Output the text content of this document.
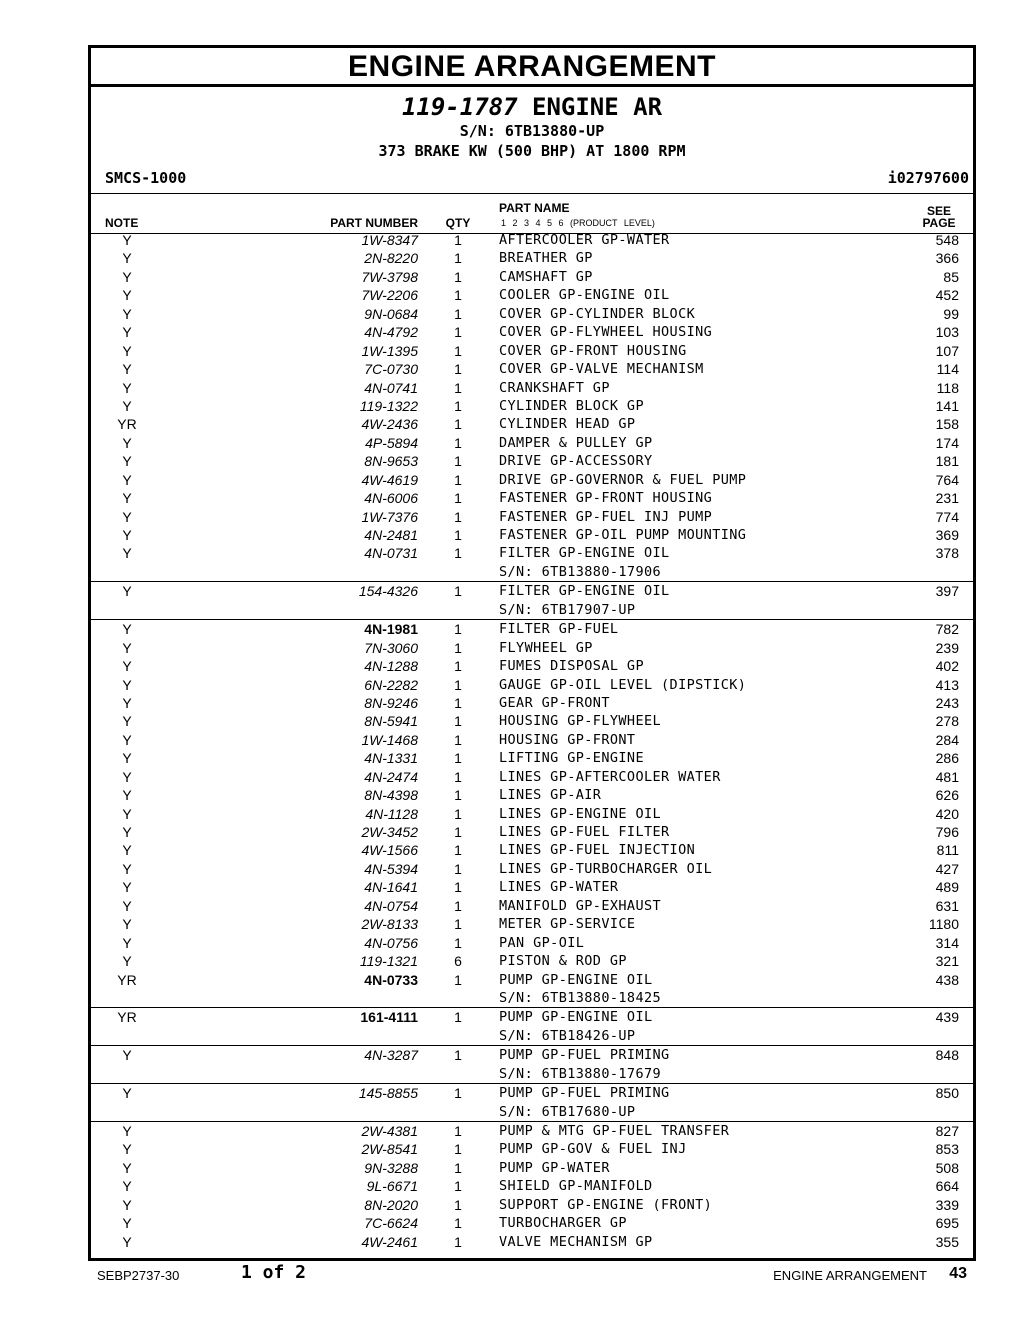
ENGINE ARRANGEMENT
119-1787 ENGINE AR
S/N: 6TB13880-UP
373 BRAKE KW (500 BHP) AT 1800 RPM
SMCS-1000	i02797600
NOTE	PART NUMBER QTY
PART NAME
1 2 3 4 5 6 (PRODUCT LEVEL)
SEE
PAGE
Y	1W-8347	1	AFTERCOOLER GP-WATER	548
Y	2N-8220	1	BREATHER GP	366
Y	7W-3798	1	CAMSHAFT GP	85
Y	7W-2206	1	COOLER GP-ENGINE OIL	452
Y	9N-0684	1	COVER GP-CYLINDER BLOCK	99
Y	4N-4792	1	COVER GP-FLYWHEEL HOUSING	103
Y	1W-1395	1	COVER GP-FRONT HOUSING	107
Y	7C-0730	1	COVER GP-VALVE MECHANISM	114
Y	4N-0741	1	CRANKSHAFT GP	118
Y	119-1322	1	CYLINDER BLOCK GP	141
YR	4W-2436	1	CYLINDER HEAD GP	158
Y	4P-5894	1	DAMPER & PULLEY GP	174
Y	8N-9653	1	DRIVE GP-ACCESSORY	181
Y	4W-4619	1	DRIVE GP-GOVERNOR & FUEL PUMP	764
Y	4N-6006	1	FASTENER GP-FRONT HOUSING	231
Y	1W-7376	1	FASTENER GP-FUEL INJ PUMP	774
Y	4N-2481	1	FASTENER GP-OIL PUMP MOUNTING	369
Y	4N-0731	1	FILTER GP-ENGINE OIL	378
S/N: 6TB13880-17906
Y	154-4326	1	FILTER GP-ENGINE OIL	397
S/N: 6TB17907-UP
Y	4N-1981	1	FILTER GP-FUEL	782
Y	7N-3060	1	FLYWHEEL GP	239
Y	4N-1288	1	FUMES DISPOSAL GP	402
Y	6N-2282	1	GAUGE GP-OIL LEVEL (DIPSTICK)	413
Y	8N-9246	1	GEAR GP-FRONT	243
Y	8N-5941	1	HOUSING GP-FLYWHEEL	278
Y	1W-1468	1	HOUSING GP-FRONT	284
Y	4N-1331	1	LIFTING GP-ENGINE	286
Y	4N-2474	1	LINES GP-AFTERCOOLER WATER	481
Y	8N-4398	1	LINES GP-AIR	626
Y	4N-1128	1	LINES GP-ENGINE OIL	420
Y	2W-3452	1	LINES GP-FUEL FILTER	796
Y	4W-1566	1	LINES GP-FUEL INJECTION	811
Y	4N-5394	1	LINES GP-TURBOCHARGER OIL	427
Y	4N-1641	1	LINES GP-WATER	489
Y	4N-0754	1	MANIFOLD GP-EXHAUST	631
Y	2W-8133	1	METER GP-SERVICE	1180
Y	4N-0756	1	PAN GP-OIL	314
Y	119-1321	6	PISTON & ROD GP	321
YR	4N-0733	1	PUMP GP-ENGINE OIL	438
S/N: 6TB13880-18425
YR	161-4111	1	PUMP GP-ENGINE OIL	439
S/N: 6TB18426-UP
Y	4N-3287	1	PUMP GP-FUEL PRIMING	848
S/N: 6TB13880-17679
Y	145-8855	1	PUMP GP-FUEL PRIMING	850
S/N: 6TB17680-UP
Y	2W-4381	1	PUMP & MTG GP-FUEL TRANSFER	827
Y	2W-8541	1	PUMP GP-GOV & FUEL INJ	853
Y	9N-3288	1	PUMP GP-WATER	508
Y	9L-6671	1	SHIELD GP-MANIFOLD	664
Y	8N-2020	1	SUPPORT GP-ENGINE (FRONT)	339
Y	7C-6624	1	TURBOCHARGER GP	695
Y	4W-2461	1	VALVE MECHANISM GP	355
SEBP2737-30	1 of 2	ENGINE ARRANGEMENT 43
